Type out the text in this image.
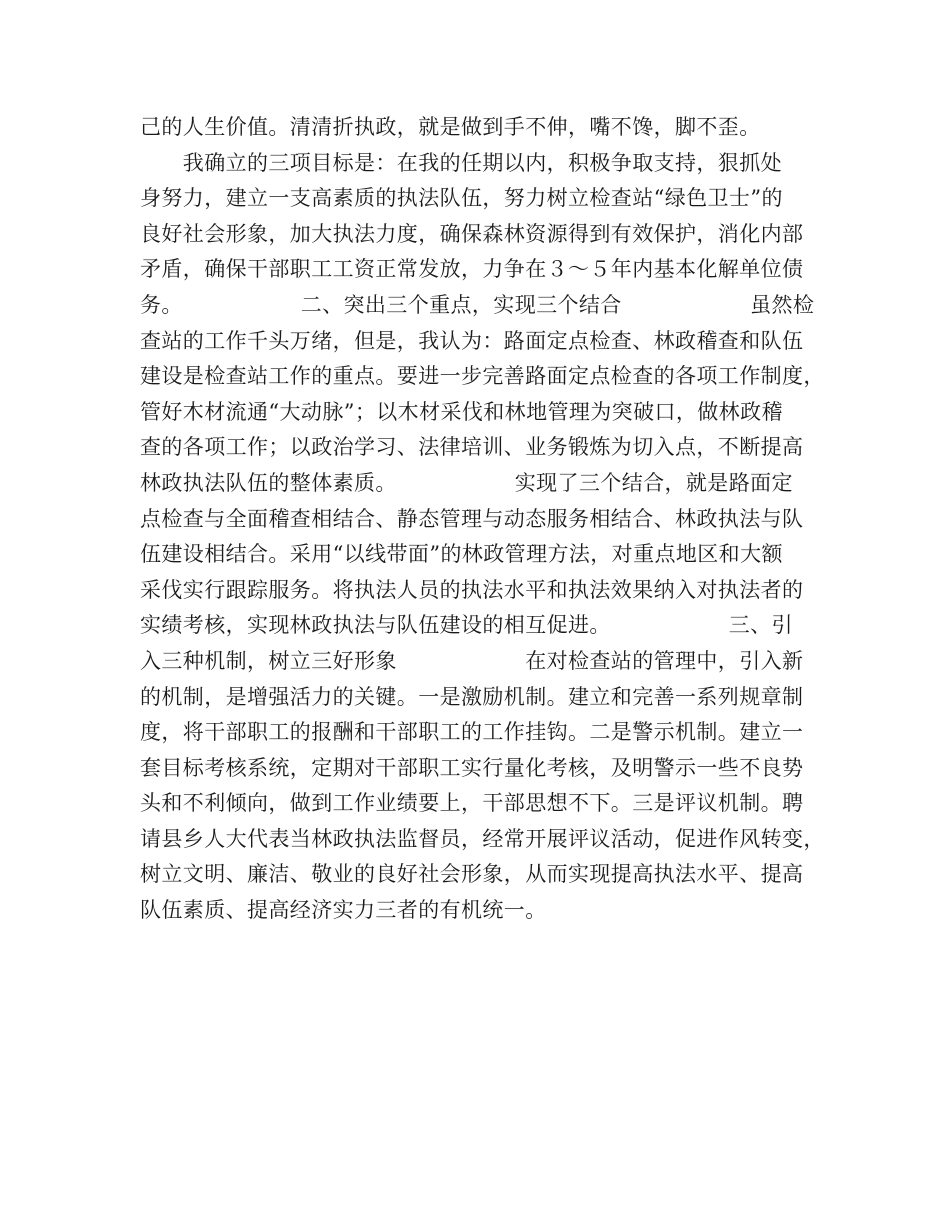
己的人生价值。清清折执政，就是做到手不伸，嘴不馋，脚不歪。
　　我确立的三项目标是：在我的任期以内，积极争取支持，狠抓处
身努力，建立一支高素质的执法队伍，努力树立检查站“绿色卫士”的
良好社会形象，加大执法力度，确保森林资源得到有效保护，消化内部
矛盾，确保干部职工工资正常发放，力争在３～５年内基本化解单位债
务。　　　　　　二、突出三个重点，实现三个结合　　　　　　虽然检
查站的工作千头万绪，但是，我认为：路面定点检查、林政稽查和队伍
建设是检查站工作的重点。要进一步完善路面定点检查的各项工作制度，
管好木材流通“大动脉”；以木材采伐和林地管理为突破口，做林政稽
查的各项工作；以政治学习、法律培训、业务锻炼为切入点，不断提高
林政执法队伍的整体素质。　　　　　　实现了三个结合，就是路面定
点检查与全面稽查相结合、静态管理与动态服务相结合、林政执法与队
伍建设相结合。采用“以线带面”的林政管理方法，对重点地区和大额
采伐实行跟踪服务。将执法人员的执法水平和执法效果纳入对执法者的
实绩考核，实现林政执法与队伍建设的相互促进。　　　　　　三、引
入三种机制，树立三好形象　　　　　　在对检查站的管理中，引入新
的机制，是增强活力的关键。一是激励机制。建立和完善一系列规章制
度，将干部职工的报酬和干部职工的工作挂钩。二是警示机制。建立一
套目标考核系统，定期对干部职工实行量化考核，及明警示一些不良势
头和不利倾向，做到工作业绩要上，干部思想不下。三是评议机制。聘
请县乡人大代表当林政执法监督员，经常开展评议活动，促进作风转变，
树立文明、廉洁、敬业的良好社会形象，从而实现提高执法水平、提高
队伍素质、提高经济实力三者的有机统一。
